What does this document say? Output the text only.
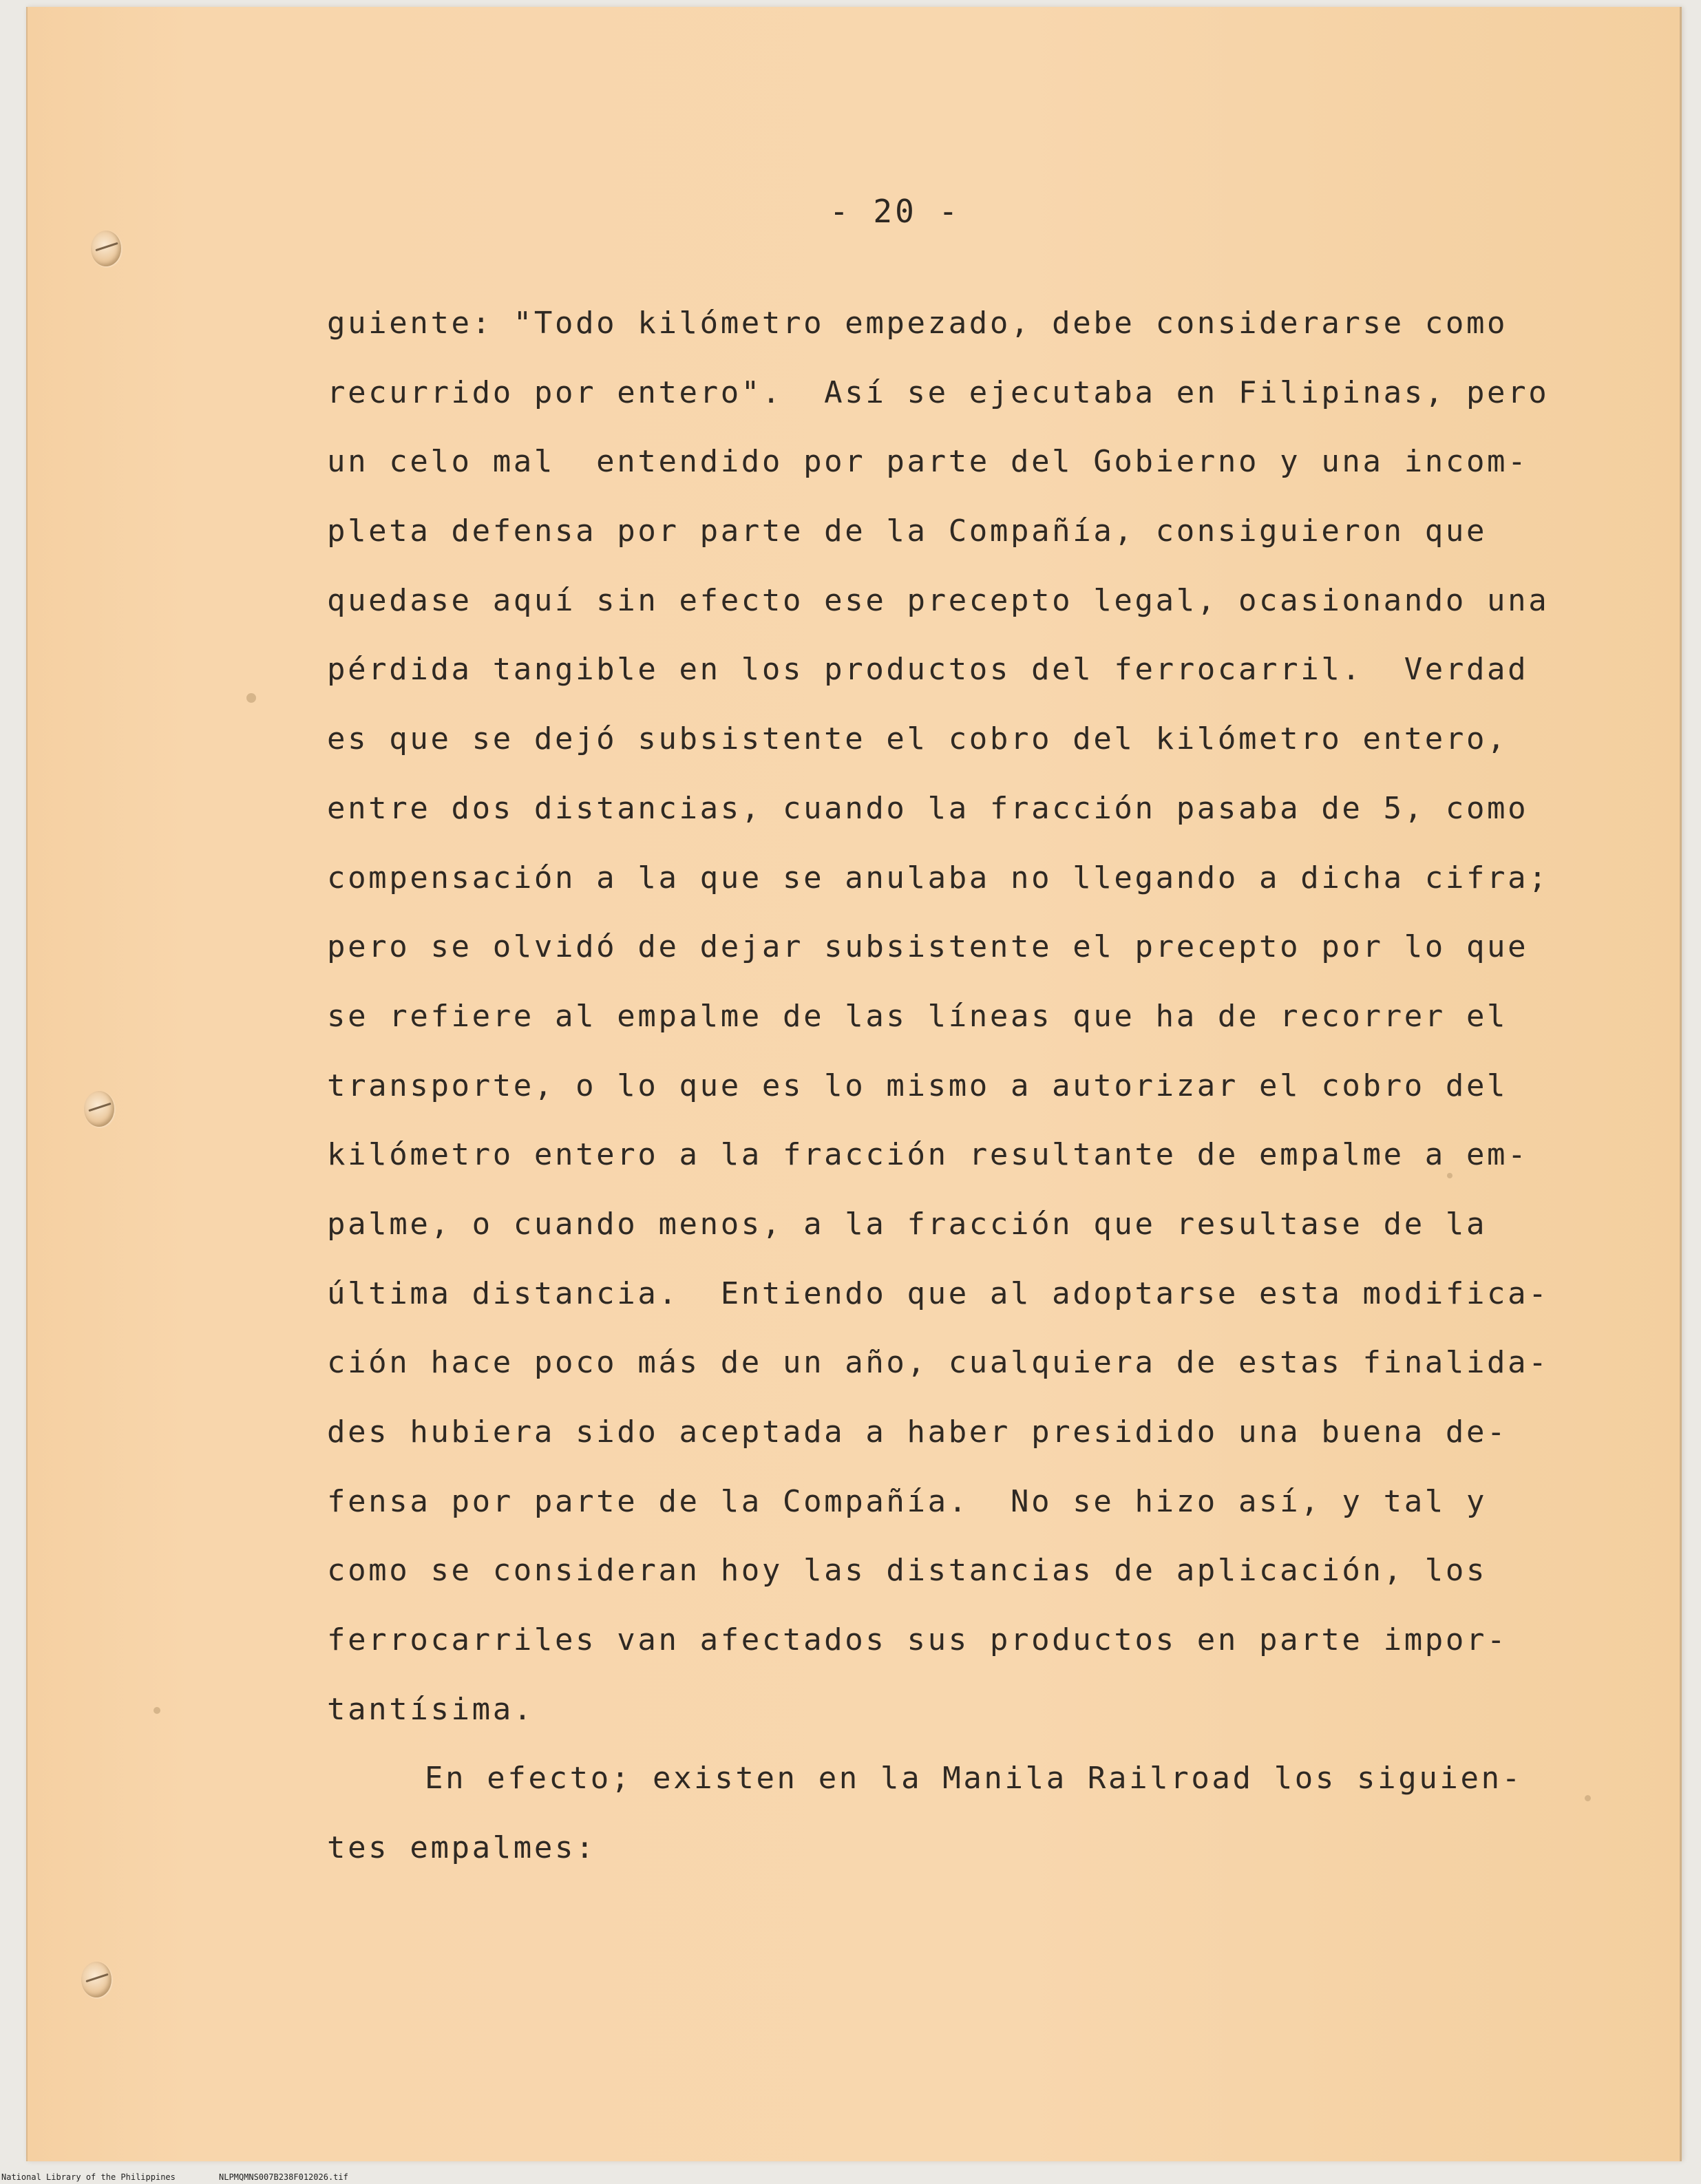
- 20 -
guiente: "Todo kilómetro empezado, debe considerarse como
recurrido por entero".  Así se ejecutaba en Filipinas, pero
un celo mal  entendido por parte del Gobierno y una incom-
pleta defensa por parte de la Compañía, consiguieron que
quedase aquí sin efecto ese precepto legal, ocasionando una
pérdida tangible en los productos del ferrocarril.  Verdad
es que se dejó subsistente el cobro del kilómetro entero,
entre dos distancias, cuando la fracción pasaba de 5, como
compensación a la que se anulaba no llegando a dicha cifra;
pero se olvidó de dejar subsistente el precepto por lo que
se refiere al empalme de las líneas que ha de recorrer el
transporte, o lo que es lo mismo a autorizar el cobro del
kilómetro entero a la fracción resultante de empalme a em-
palme, o cuando menos, a la fracción que resultase de la
última distancia.  Entiendo que al adoptarse esta modifica-
ción hace poco más de un año, cualquiera de estas finalida-
des hubiera sido aceptada a haber presidido una buena de-
fensa por parte de la Compañía.  No se hizo así, y tal y
como se consideran hoy las distancias de aplicación, los
ferrocarriles van afectados sus productos en parte impor-
tantísima.
En efecto; existen en la Manila Railroad los siguien-
tes empalmes:

National Library of the Philippines

	NLPMQMNS007B238F012026.tif
